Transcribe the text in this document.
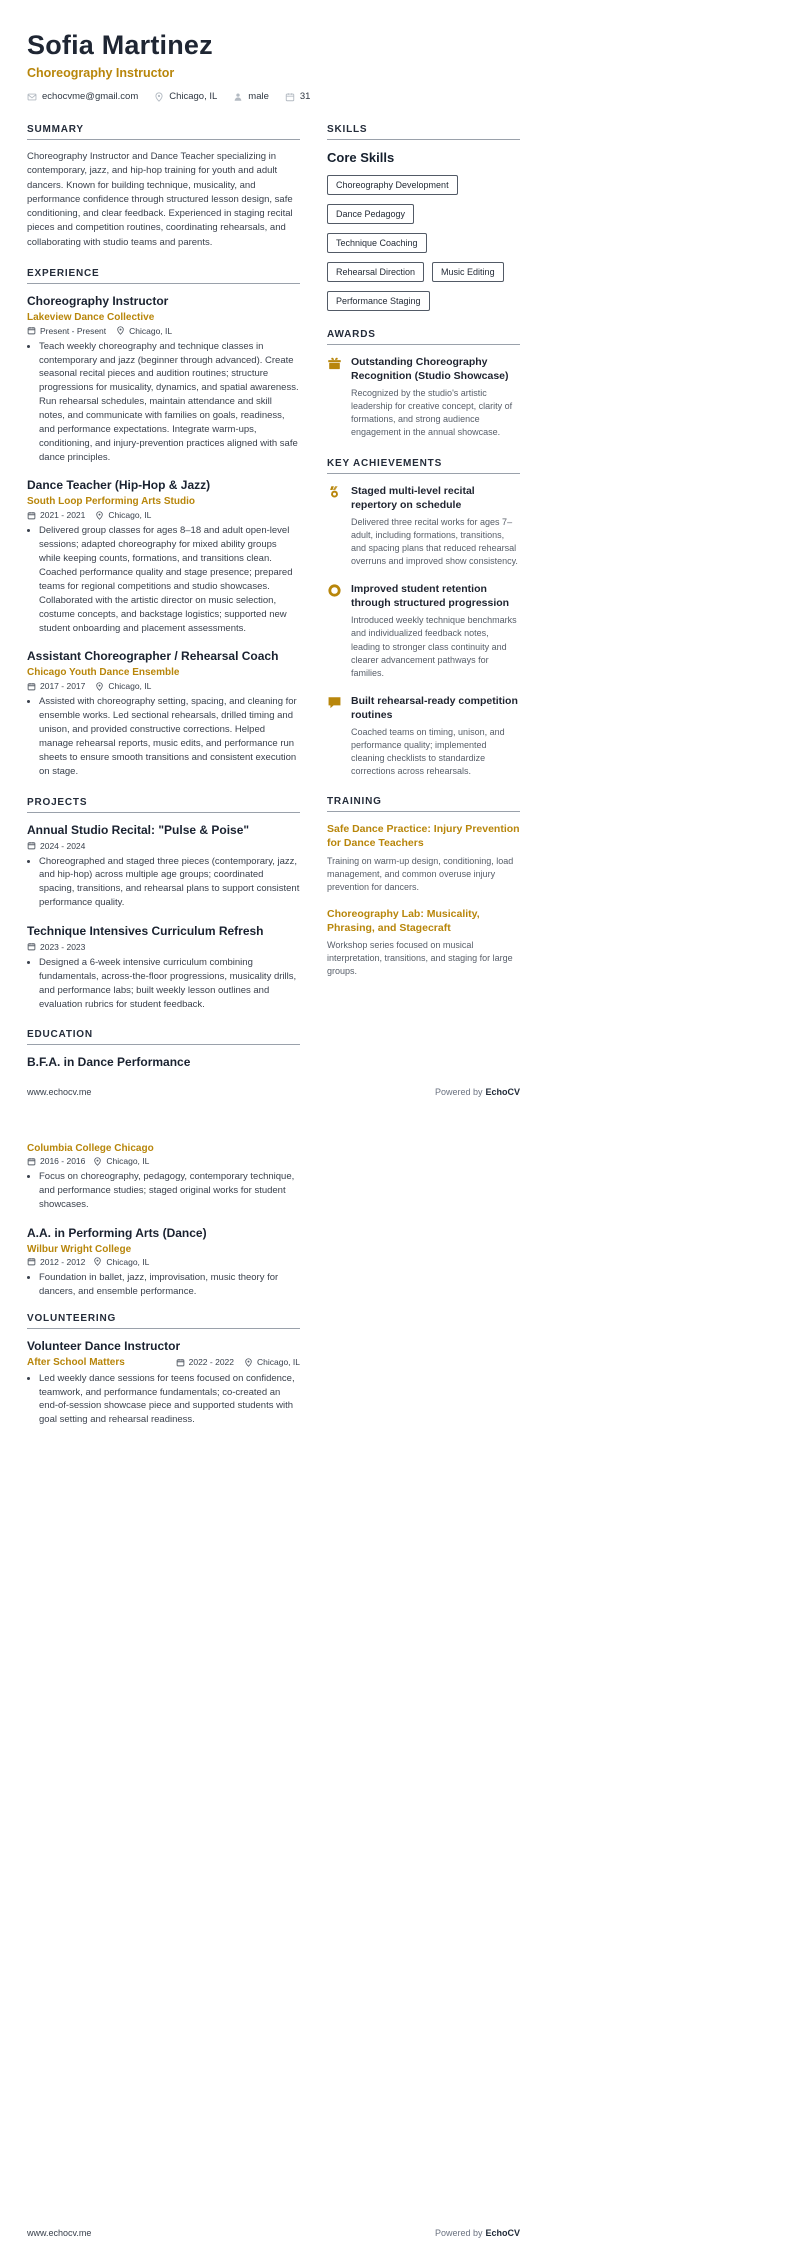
Sofia Martinez
Choreography Instructor
echocvme@gmail.com	Chicago, IL	male	31
SUMMARY

Choreography Instructor and Dance Teacher specializing in contemporary, jazz, and hip-hop training for youth and adult dancers. Known for building technique, musicality, and performance confidence through structured lesson design, safe conditioning, and clear feedback. Experienced in staging recital pieces and competition routines, coordinating rehearsals, and collaborating with studio teams and parents.

EXPERIENCE
Choreography Instructor
Lakeview Dance Collective
Present - Present	Chicago, IL
• Teach weekly choreography and technique classes in contemporary and jazz (beginner through advanced). Create seasonal recital pieces and audition routines; structure progressions for musicality, dynamics, and spatial awareness. Run rehearsal schedules, maintain attendance and skill notes, and communicate with families on goals, readiness, and performance expectations. Integrate warm-ups, conditioning, and injury-prevention practices aligned with safe dance principles.
Dance Teacher (Hip-Hop & Jazz)
South Loop Performing Arts Studio
2021 - 2021	Chicago, IL
• Delivered group classes for ages 8–18 and adult open-level sessions; adapted choreography for mixed ability groups while keeping counts, formations, and transitions clean. Coached performance quality and stage presence; prepared teams for regional competitions and studio showcases. Collaborated with the artistic director on music selection, costume concepts, and backstage logistics; supported new student onboarding and placement assessments.
Assistant Choreographer / Rehearsal Coach
Chicago Youth Dance Ensemble
2017 - 2017	Chicago, IL
• Assisted with choreography setting, spacing, and cleaning for ensemble works. Led sectional rehearsals, drilled timing and unison, and provided constructive corrections. Helped manage rehearsal reports, music edits, and performance run sheets to ensure smooth transitions and consistent execution on stage.
PROJECTS
Annual Studio Recital: "Pulse & Poise"
2024 - 2024
• Choreographed and staged three pieces (contemporary, jazz, and hip-hop) across multiple age groups; coordinated spacing, transitions, and rehearsal plans to support consistent performance quality.
Technique Intensives Curriculum Refresh
2023 - 2023
• Designed a 6-week intensive curriculum combining fundamentals, across-the-floor progressions, musicality drills, and performance labs; built weekly lesson outlines and evaluation rubrics for student feedback.
EDUCATION
B.F.A. in Dance Performance
SKILLS
Core Skills
Choreography Development
Dance Pedagogy
Technique Coaching
Rehearsal Direction	Music Editing
Performance Staging
AWARDS
Outstanding Choreography Recognition (Studio Showcase)

Recognized by the studio's artistic leadership for creative concept, clarity of formations, and strong audience engagement in the annual showcase.

KEY ACHIEVEMENTS
Staged multi-level recital repertory on schedule

Delivered three recital works for ages 7–adult, including formations, transitions, and spacing plans that reduced rehearsal overruns and improved show consistency.

Improved student retention through structured progression

Introduced weekly technique benchmarks and individualized feedback notes, leading to stronger class continuity and clearer advancement pathways for families.

Built rehearsal-ready competition routines

Coached teams on timing, unison, and performance quality; implemented cleaning checklists to standardize corrections across rehearsals.

TRAINING
Safe Dance Practice: Injury Prevention for Dance Teachers

Training on warm-up design, conditioning, load management, and common overuse injury prevention for dancers.

Choreography Lab: Musicality, Phrasing, and Stagecraft

Workshop series focused on musical interpretation, transitions, and staging for large groups.

www.echocv.me	Powered by EchoCV
Columbia College Chicago
2016 - 2016 Chicago, IL
• Focus on choreography, pedagogy, contemporary technique, and performance studies; staged original works for student showcases.
A.A. in Performing Arts (Dance)
Wilbur Wright College
2012 - 2012 Chicago, IL
• Foundation in ballet, jazz, improvisation, music theory for dancers, and ensemble performance.
VOLUNTEERING
Volunteer Dance Instructor
After School Matters	2022 - 2022	Chicago, IL
• Led weekly dance sessions for teens focused on confidence, teamwork, and performance fundamentals; co-created an end-of-session showcase piece and supported students with goal setting and rehearsal readiness.
www.echocv.me	Powered by EchoCV
